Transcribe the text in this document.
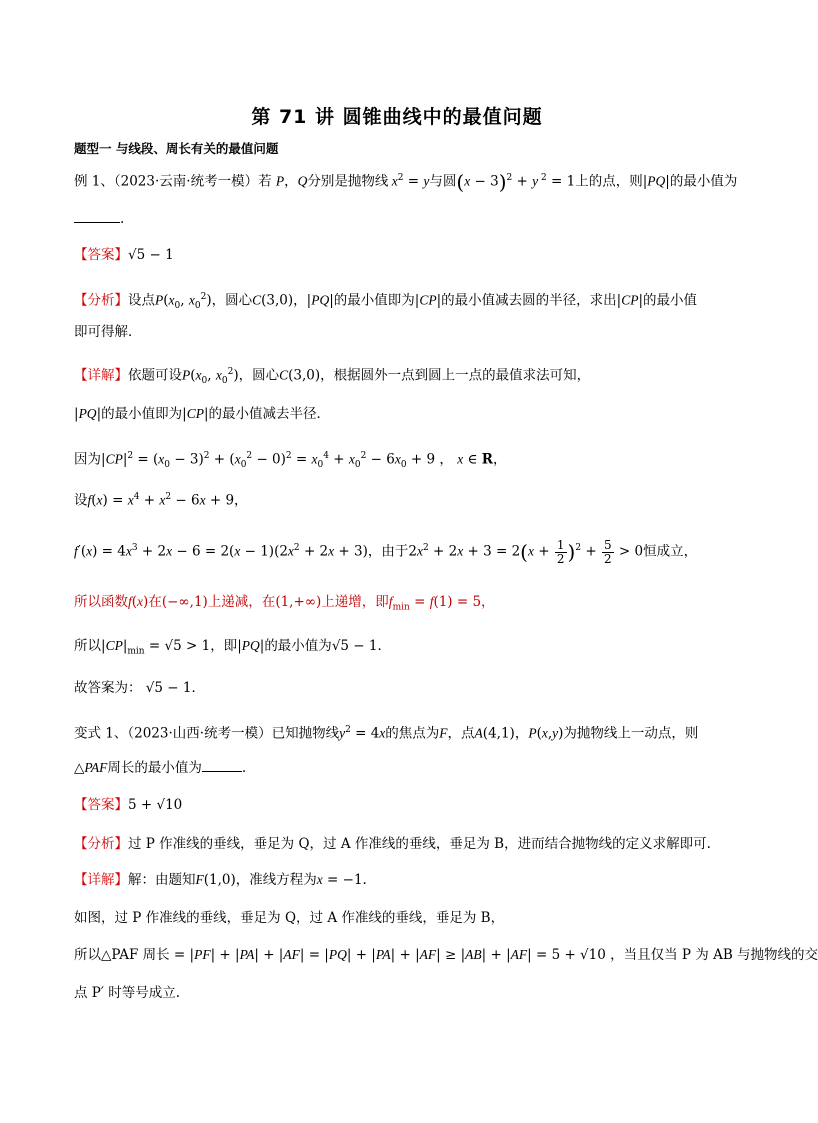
第 71 讲 圆锥曲线中的最值问题
题型一 与线段、周长有关的最值问题
例 1、（2023·云南·统考一模）若 P，Q分别是抛物线 $x^2 = y$与圆$(x - 3)^2 + y$ $^2$ = 1上的点，则|PQ|的最小值为
.
【答案】√5 − 1
【分析】设点$P(x_0$, $x_0^2$)，圆心C(3,0)，|PQ|的最小值即为|CP|的最小值减去圆的半径，求出|CP|的最小值
即可得解．
【详解】依题可设$P(x_0$, $x_0^2$)，圆心C(3,0)，根据圆外一点到圆上一点的最值求法可知，
|PQ|的最小值即为|CP|的最小值减去半径．
因为$|CP|^2 = (x_0 - 3)^2 + (x_0^2 - 0)^2 = x_0^4 + x_0^2 - 6x_0 + 9$ ， x ∈ R，
设$f(x) = x^4 + x^2 - 6x + 9$，
$f'(x) = 4x^3 + 2x - 6 = 2(x - 1)(2x^2 + 2x + 3)$，由于$2x^2 + 2x + 3 = 2(x + \frac{1}{2} )^2 + \frac{5}{2} > 0$恒成立，
所以函数f(x)在(−∞,1)上递减，在(1,+∞)上递增，即$f_{min} = f(1) = 5$，
所以$|CP|_{min} = √5 > 1$，即|PQ|的最小值为√5 − 1．
故答案为： √5 − 1．
变式 1、（2023·山西·统考一模）已知抛物线$y^2 = 4x$的焦点为F，点A(4,1)，P(x,y)为抛物线上一动点，则
△PAF周长的最小值为	.
【答案】5 + √10
【分析】过 P 作准线的垂线，垂足为 Q，过 A 作准线的垂线，垂足为 B，进而结合抛物线的定义求解即可.
【详解】解：由题知F(1,0)，准线方程为x = −1.
如图，过 P 作准线的垂线，垂足为 Q，过 A 作准线的垂线，垂足为 B，
所以△PAF 周长 = |PF| + |PA| + |AF| = |PQ| + |PA| + |AF| ≥ |AB| + |AF| = 5 + √10 ，当且仅当 P 为 AB 与抛物线的交
点 P′ 时等号成立.
